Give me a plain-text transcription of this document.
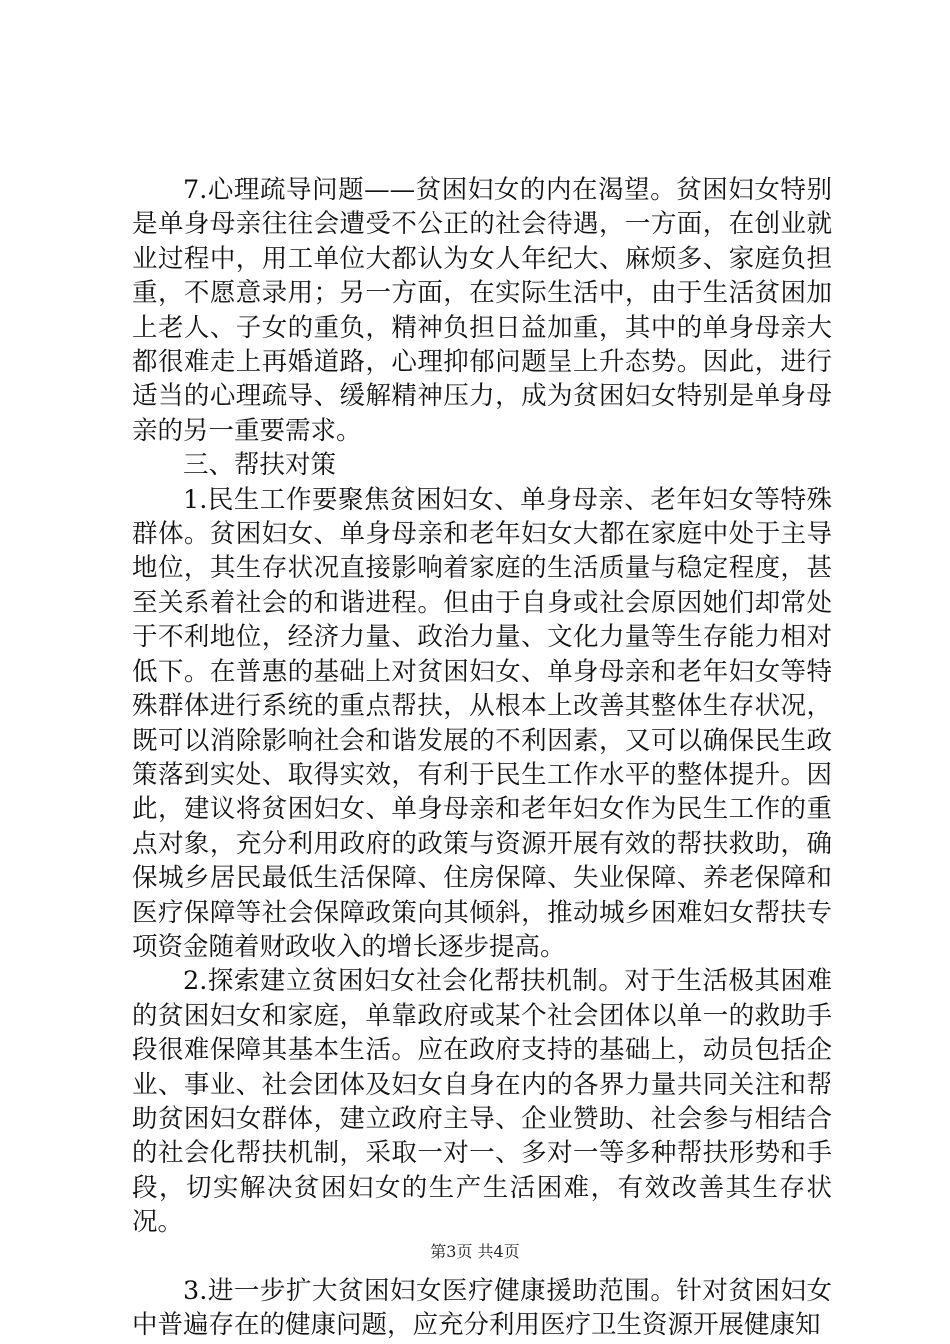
7.心理疏导问题——贫困妇女的内在渴望。贫困妇女特别是单身母亲往往会遭受不公正的社会待遇，一方面，在创业就业过程中，用工单位大都认为女人年纪大、麻烦多、家庭负担重，不愿意录用；另一方面，在实际生活中，由于生活贫困加上老人、子女的重负，精神负担日益加重，其中的单身母亲大都很难走上再婚道路，心理抑郁问题呈上升态势。因此，进行适当的心理疏导、缓解精神压力，成为贫困妇女特别是单身母亲的另一重要需求。

三、帮扶对策

1.民生工作要聚焦贫困妇女、单身母亲、老年妇女等特殊群体。贫困妇女、单身母亲和老年妇女大都在家庭中处于主导地位，其生存状况直接影响着家庭的生活质量与稳定程度，甚至关系着社会的和谐进程。但由于自身或社会原因她们却常处于不利地位，经济力量、政治力量、文化力量等生存能力相对低下。在普惠的基础上对贫困妇女、单身母亲和老年妇女等特殊群体进行系统的重点帮扶，从根本上改善其整体生存状况，既可以消除影响社会和谐发展的不利因素，又可以确保民生政策落到实处、取得实效，有利于民生工作水平的整体提升。因此，建议将贫困妇女、单身母亲和老年妇女作为民生工作的重点对象，充分利用政府的政策与资源开展有效的帮扶救助，确保城乡居民最低生活保障、住房保障、失业保障、养老保障和医疗保障等社会保障政策向其倾斜，推动城乡困难妇女帮扶专项资金随着财政收入的增长逐步提高。

2.探索建立贫困妇女社会化帮扶机制。对于生活极其困难的贫困妇女和家庭，单靠政府或某个社会团体以单一的救助手段很难保障其基本生活。应在政府支持的基础上，动员包括企业、事业、社会团体及妇女自身在内的各界力量共同关注和帮助贫困妇女群体，建立政府主导、企业赞助、社会参与相结合的社会化帮扶机制，采取一对一、多对一等多种帮扶形势和手段，切实解决贫困妇女的生产生活困难，有效改善其生存状况。

3.进一步扩大贫困妇女医疗健康援助范围。针对贫困妇女中普遍存在的健康问题，应充分利用医疗卫生资源开展健康知

第3页 共4页
